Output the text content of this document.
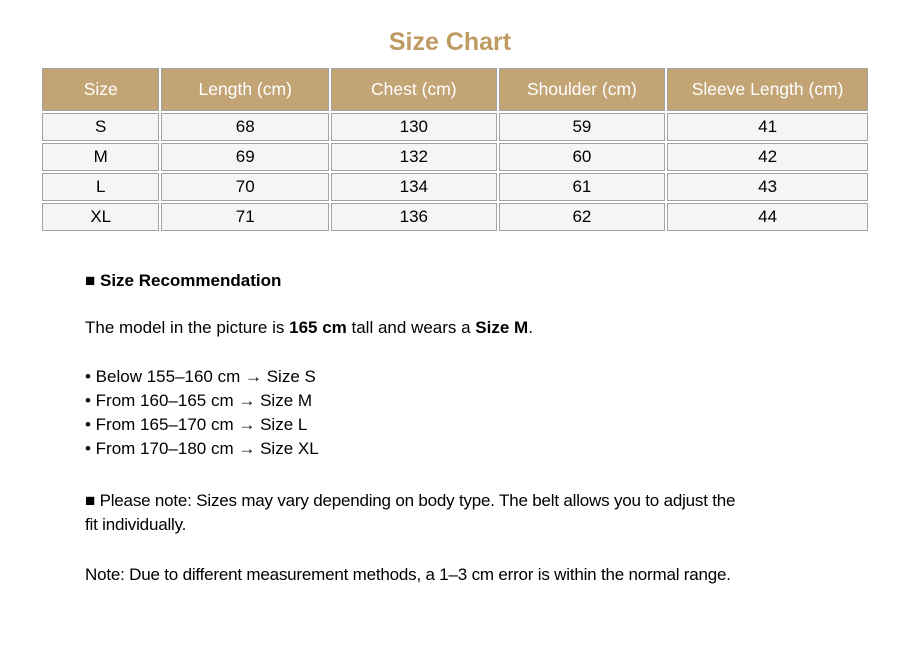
Size Chart
Size	Length (cm)	Chest (cm)	Shoulder (cm)	Sleeve Length (cm)
S	68	130	59	41
M	69	132	60	42
L	70	134	61	43
XL	71	136	62	44

■ Size Recommendation

The model in the picture is 165 cm tall and wears a Size M.

• Below 155–160 cm → Size S
• From 160–165 cm → Size M
• From 165–170 cm → Size L
• From 170–180 cm → Size XL

■ Please note: Sizes may vary depending on body type. The belt allows you to adjust the
fit individually.

Note: Due to different measurement methods, a 1–3 cm error is within the normal range.
